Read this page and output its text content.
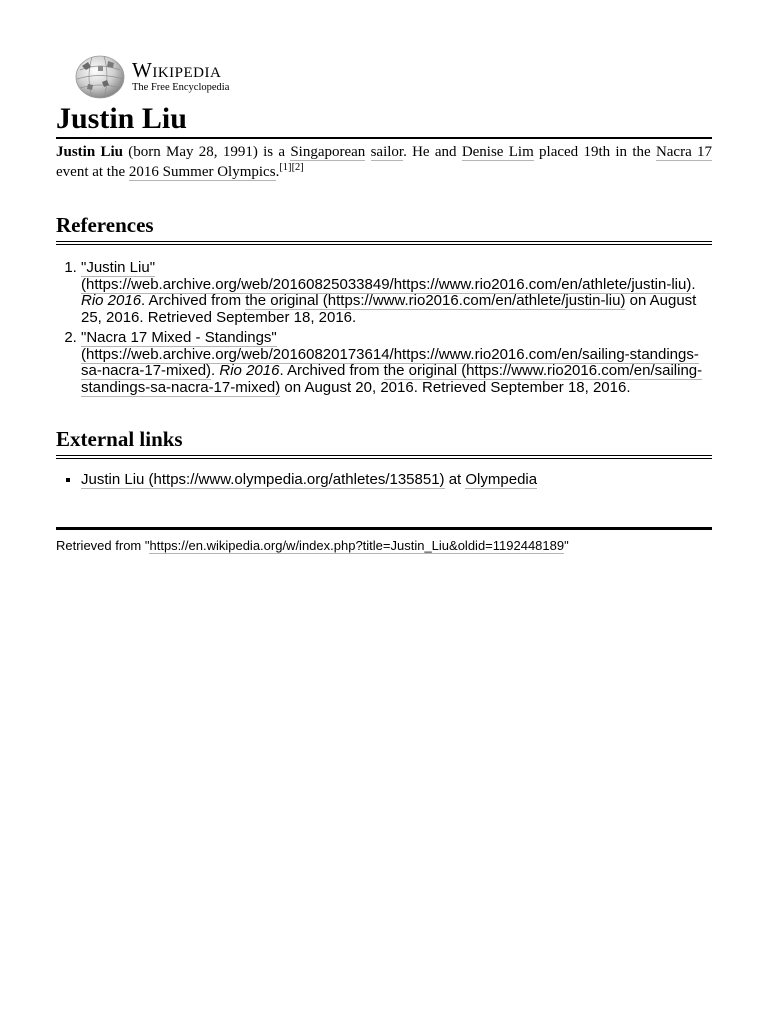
Wikipedia
The Free Encyclopedia
Justin Liu

Justin Liu (born May 28, 1991) is a Singaporean sailor. He and Denise Lim placed 19th in the Nacra 17 event at the 2016 Summer Olympics.[1][2]

References
1. "Justin Liu" (https://web.archive.org/web/20160825033849/https://www.rio2016.com/en/athlete/justin-liu). Rio 2016. Archived from the original (https://www.rio2016.com/en/athlete/justin-liu) on August 25, 2016. Retrieved September 18, 2016.
2. "Nacra 17 Mixed - Standings" (https://web.archive.org/web/20160820173614/https://www.rio2016.com/en/sailing-standings-sa-nacra-17-mixed). Rio 2016. Archived from the original (https://www.rio2016.com/en/sailing-standings-sa-nacra-17-mixed) on August 20, 2016. Retrieved September 18, 2016.
External links
▪ Justin Liu (https://www.olympedia.org/athletes/135851) at Olympedia
Retrieved from "https://en.wikipedia.org/w/index.php?title=Justin_Liu&oldid=1192448189"
